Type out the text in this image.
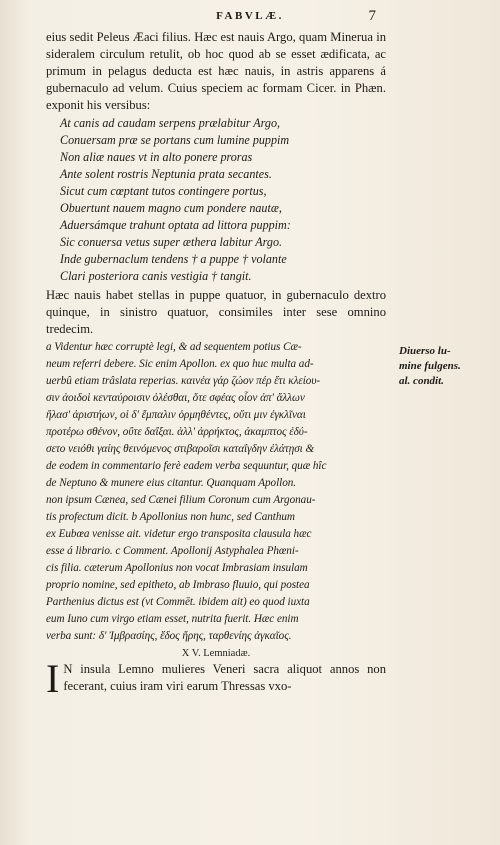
FABVLÆ.	7

eius sedit Peleus Æaci filius. Hæc est nauis Argo, quam Minerua in sideralem circulum retulit, ob hoc quod ab se esset ædificata, ac primum in pelagus deducta est hæc nauis, in astris apparens á gubernaculo ad velum. Cuius speciem ac formam Cicer. in Phæn. exponit his versibus:

At canis ad caudam serpens prælabitur Argo,
Conuersam præ se portans cum lumine puppim
Non aliæ naues vt in alto ponere proras
Ante solent rostris Neptunia prata secantes.
Sicut cum cœptant tutos contingere portus,
Obuertunt nauem magno cum pondere nautæ,
Aduersámque trahunt optata ad littora puppim:
Sic conuersa vetus super æthera labitur Argo.
Inde gubernaclum tendens † a puppe † volante
Clari posteriora canis vestigia † tangit.

Hæc nauis habet stellas in puppe quatuor, in gubernaculo dextro quinque, in sinistro quatuor, consimiles inter sese omnino tredecim.

a Videntur hæc corruptè legi, & ad sequentem potius Cæ-
neum referri debere. Sic enim Apollon. ex quo huc multa ad-
uerbû etiam trâslata reperias. καινέα γάρ ζώον πέρ ἔτι κλείου-
σιν ἀοιδοὶ κενταύροισιν ὀλέσθαι, ὅτε σφέας οἶον ἀπ' ἄλλων
ἤλασ' ἀριστήων, οἱ δ' ἔμπαλιν ὁρμηθέντες, οὔτι μιν ἐγκλῖναι
προτέρω σθένον, οὔτε δαΐξαι. ἀλλ' ἀρρήκτος, ἀκαμπτος ἐδύ-
σετο νειόθι γαίης θεινόμενος στιβαροῖσι καταΐγδην ἐλάτῃσι &
de eodem in commentario ferè eadem verba sequuntur, quæ hîc
de Neptuno & munere eius citantur. Quanquam Apollon.
non ipsum Cænea, sed Cænei filium Coronum cum Argonau-
tis profectum dicit. b Apollonius non hunc, sed Canthum
ex Eubœa venisse ait. videtur ergo transposita clausula hæc
esse á librario. c Comment. Apollonij Astyphalea Phœni-
cis filia. cæterum Apollonius non vocat Imbrasiam insulam
proprio nomine, sed epitheto, ab Imbraso fluuio, qui postea
Parthenius dictus est (vt Commēt. ibidem ait) eo quod iuxta
eum Iuno cum virgo etiam esset, nutrita fuerit. Hæc enim
verba sunt: δ' Ἰμβρασίης, ἕδος ἥρης, ταρθενίης ἀγκαῖος.
X V. Lemniadæ.

I N insula Lemno mulieres Veneri sacra aliquot annos non fecerant, cuius iram viri earum Thressas vxo-

Diuerso lu-
mine fulgens.
al. condit.
